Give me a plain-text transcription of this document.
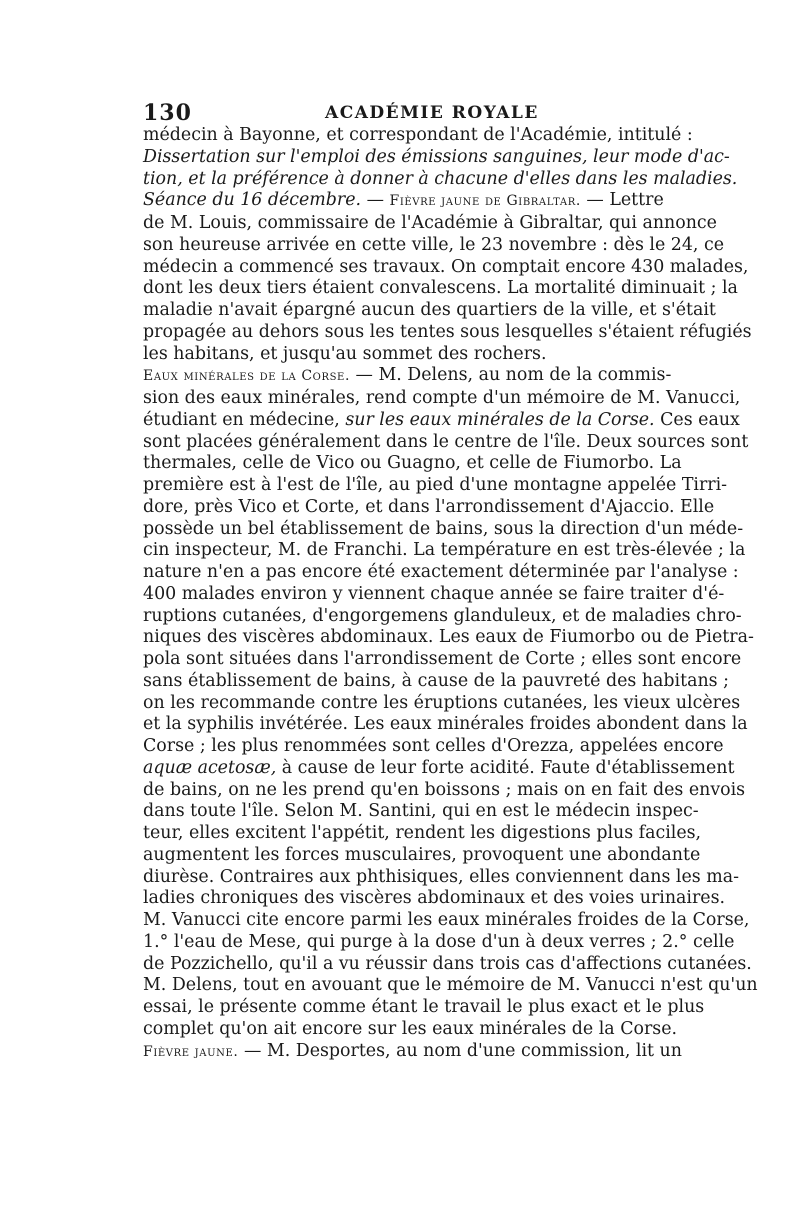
130	ACADÉMIE ROYALE
médecin à Bayonne, et correspondant de l'Académie, intitulé :
Dissertation sur l'emploi des émissions sanguines, leur mode d'ac-
tion, et la préférence à donner à chacune d'elles dans les maladies.
Séance du 16 décembre. — Fièvre jaune de Gibraltar. — Lettre
de M. Louis, commissaire de l'Académie à Gibraltar, qui annonce
son heureuse arrivée en cette ville, le 23 novembre : dès le 24, ce
médecin a commencé ses travaux. On comptait encore 430 malades,
dont les deux tiers étaient convalescens. La mortalité diminuait ; la
maladie n'avait épargné aucun des quartiers de la ville, et s'était
propagée au dehors sous les tentes sous lesquelles s'étaient réfugiés
les habitans, et jusqu'au sommet des rochers.
Eaux minérales de la Corse. — M. Delens, au nom de la commis-
sion des eaux minérales, rend compte d'un mémoire de M. Vanucci,
étudiant en médecine, sur les eaux minérales de la Corse. Ces eaux
sont placées généralement dans le centre de l'île. Deux sources sont
thermales, celle de Vico ou Guagno, et celle de Fiumorbo. La
première est à l'est de l'île, au pied d'une montagne appelée Tirri-
dore, près Vico et Corte, et dans l'arrondissement d'Ajaccio. Elle
possède un bel établissement de bains, sous la direction d'un méde-
cin inspecteur, M. de Franchi. La température en est très-élevée ; la
nature n'en a pas encore été exactement déterminée par l'analyse :
400 malades environ y viennent chaque année se faire traiter d'é-
ruptions cutanées, d'engorgemens glanduleux, et de maladies chro-
niques des viscères abdominaux. Les eaux de Fiumorbo ou de Pietra-
pola sont situées dans l'arrondissement de Corte ; elles sont encore
sans établissement de bains, à cause de la pauvreté des habitans ;
on les recommande contre les éruptions cutanées, les vieux ulcères
et la syphilis invétérée. Les eaux minérales froides abondent dans la
Corse ; les plus renommées sont celles d'Orezza, appelées encore
aquæ acetosæ, à cause de leur forte acidité. Faute d'établissement
de bains, on ne les prend qu'en boissons ; mais on en fait des envois
dans toute l'île. Selon M. Santini, qui en est le médecin inspec-
teur, elles excitent l'appétit, rendent les digestions plus faciles,
augmentent les forces musculaires, provoquent une abondante
diurèse. Contraires aux phthisiques, elles conviennent dans les ma-
ladies chroniques des viscères abdominaux et des voies urinaires.
M. Vanucci cite encore parmi les eaux minérales froides de la Corse,
1.° l'eau de Mese, qui purge à la dose d'un à deux verres ; 2.° celle
de Pozzichello, qu'il a vu réussir dans trois cas d'affections cutanées.
M. Delens, tout en avouant que le mémoire de M. Vanucci n'est qu'un
essai, le présente comme étant le travail le plus exact et le plus
complet qu'on ait encore sur les eaux minérales de la Corse.
Fièvre jaune. — M. Desportes, au nom d'une commission, lit un
